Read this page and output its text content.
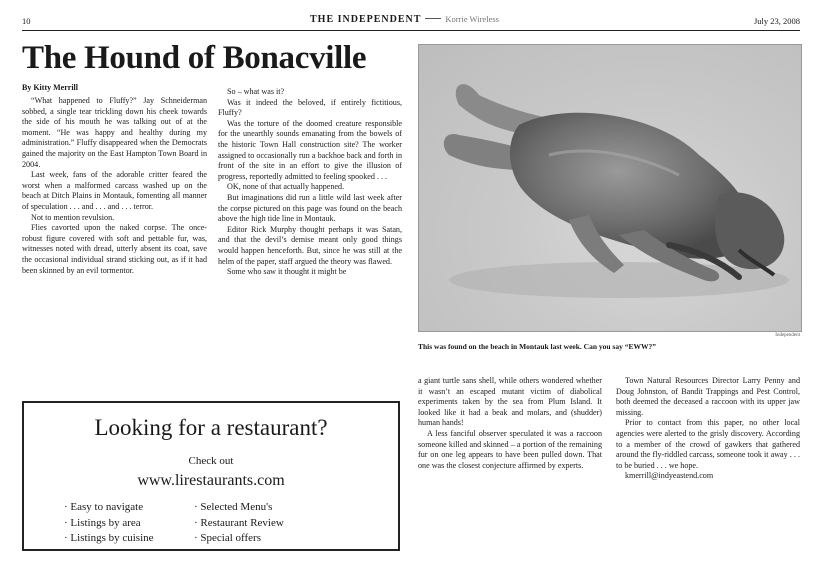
10	THE INDEPENDENT	Korrie Wireless	July 23, 2008
The Hound of Bonacville
By Kitty Merrill

“What happened to Fluffy?” Jay Schneiderman sobbed, a single tear trickling down his cheek towards the side of his mouth he was talking out of at the moment. “He was happy and healthy during my administration.” Fluffy disappeared when the Democrats gained the majority on the East Hampton Town Board in 2004.

Last week, fans of the adorable critter feared the worst when a malformed carcass washed up on the beach at Ditch Plains in Montauk, fomenting all manner of speculation . . . and . . . and . . . terror.

Not to mention revulsion.

Flies cavorted upon the naked corpse. The once-robust figure covered with soft and pettable fur, was, witnesses noted with dread, utterly absent its coat, save the occasional individual strand sticking out, as if it had been skinned by an evil tormentor.

So – what was it?

Was it indeed the beloved, if entirely fictitious, Fluffy?

Was the torture of the doomed creature responsible for the unearthly sounds emanating from the bowels of the historic Town Hall construction site? The worker assigned to occasionally run a backhoe back and forth in front of the site in an effort to give the illusion of progress, reportedly admitted to feeling spooked . . .

OK, none of that actually happened.

But imaginations did run a little wild last week after the corpse pictured on this page was found on the beach above the high tide line in Montauk.

Editor Rick Murphy thought perhaps it was Satan, and that the devil’s demise meant only good things would happen henceforth. But, since he was still at the helm of the paper, staff argued the theory was flawed.

Some who saw it thought it might be

Independent
This was found on the beach in Montauk last week. Can you say “EWW?”

a giant turtle sans shell, while others wondered whether it wasn’t an escaped mutant victim of diabolical experiments taken by the sea from Plum Island. It looked like it had a beak and molars, and (shudder) human hands!

A less fanciful observer speculated it was a raccoon someone killed and skinned – a portion of the remaining fur on one leg appears to have been pulled down. That one was the closest conjecture affirmed by experts.

Town Natural Resources Director Larry Penny and Doug Johnston, of Bandit Trappings and Pest Control, both deemed the deceased a raccoon with its upper jaw missing.

Prior to contact from this paper, no other local agencies were alerted to the grisly discovery. According to a member of the crowd of gawkers that gathered around the fly-riddled carcass, someone took it away . . . to be buried . . . we hope.

kmerrill@indyeastend.com

Looking for a restaurant?
Check out
www.lirestaurants.com
· Easy to navigate
· Listings by area
· Listings by cuisine
· Selected Menu's
· Restaurant Review
· Special offers
